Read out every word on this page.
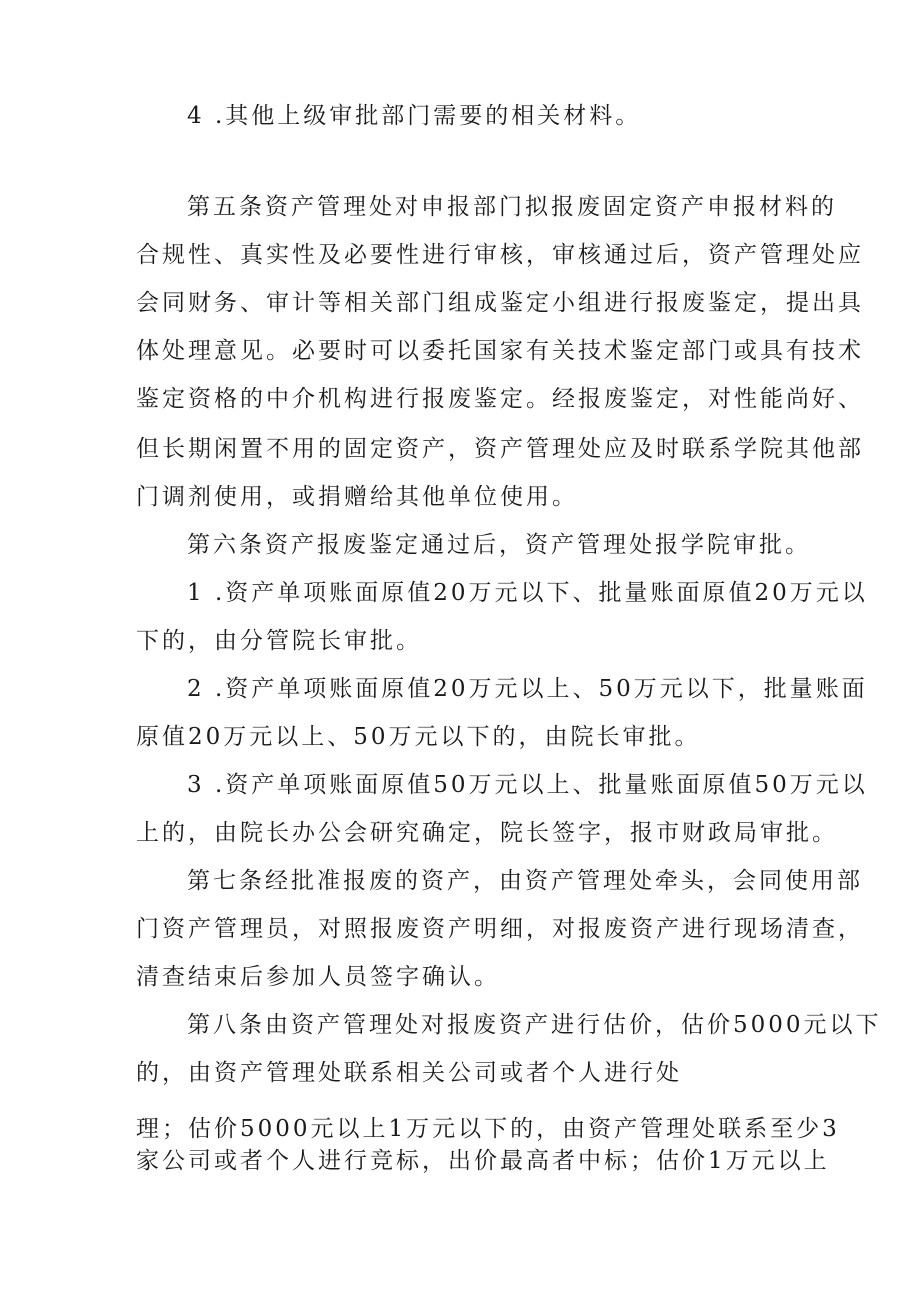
4 .其他上级审批部门需要的相关材料。
第五条资产管理处对申报部门拟报废固定资产申报材料的
合规性、真实性及必要性进行审核，审核通过后，资产管理处应
会同财务、审计等相关部门组成鉴定小组进行报废鉴定，提出具
体处理意见。必要时可以委托国家有关技术鉴定部门或具有技术
鉴定资格的中介机构进行报废鉴定。经报废鉴定，对性能尚好、
但长期闲置不用的固定资产，资产管理处应及时联系学院其他部
门调剂使用，或捐赠给其他单位使用。
第六条资产报废鉴定通过后，资产管理处报学院审批。
1 .资产单项账面原值20万元以下、批量账面原值20万元以
下的，由分管院长审批。
2 .资产单项账面原值20万元以上、50万元以下，批量账面
原值20万元以上、50万元以下的，由院长审批。
3 .资产单项账面原值50万元以上、批量账面原值50万元以
上的，由院长办公会研究确定，院长签字，报市财政局审批。
第七条经批准报废的资产，由资产管理处牵头，会同使用部
门资产管理员，对照报废资产明细，对报废资产进行现场清查，
清查结束后参加人员签字确认。
第八条由资产管理处对报废资产进行估价，估价5000元以下
的，由资产管理处联系相关公司或者个人进行处
理；估价5000元以上1万元以下的，由资产管理处联系至少3
家公司或者个人进行竞标，出价最高者中标；估价1万元以上
